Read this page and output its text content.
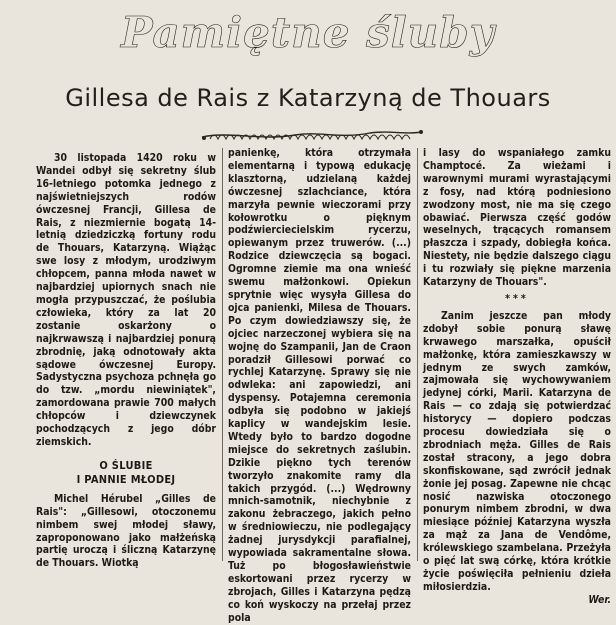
Pamiętne śluby
Gillesa de Rais z Katarzyną de Thouars

30 listopada 1420 roku w Wandei odbył się sekretny ślub 16-letniego potomka jednego z najświetniejszych rodów ówczesnej Francji, Gillesa de Rais, z niezmiernie bogatą 14-letnią dziedziczką fortuny rodu de Thouars, Katarzyną. Wiążąc swe losy z młodym, urodziwym chłopcem, panna młoda nawet w najbardziej upiornych snach nie mogła przypuszczać, że poślubia człowieka, który za lat 20 zostanie oskarżony o najkrwawszą i najbardziej ponurą zbrodnię, jaką odnotowały akta sądowe ówczesnej Europy. Sadystyczna psychoza pchnęła go do tzw. „mordu niewiniątek", zamordowana prawie 700 małych chłopców i dziewczynek pochodzących z jego dóbr ziemskich.

O ŚLUBIE
I PANNIE MŁODEJ

Michel Hérubel „Gilles de Rais": „Gillesowi, otoczonemu nimbem swej młodej sławy, zaproponowano jako małżeńską partię uroczą i śliczną Katarzynę de Thouars. Wiotką

panienkę, która otrzymała elementarną i typową edukację klasztorną, udzielaną każdej ówczesnej szlachciance, która marzyła pewnie wieczorami przy kołowrotku o pięknym podźwierciecielskim rycerzu, opiewanym przez truwerów. (...) Rodzice dziewczęcia są bogaci. Ogromne ziemie ma ona wnieść swemu małżonkowi. Opiekun sprytnie więc wysyła Gillesa do ojca panienki, Milesa de Thouars. Po czym dowiedziawszy się, że ojciec narzeczonej wybiera się na wojnę do Szampanii, Jan de Craon poradził Gillesowi porwać co rychlej Katarzynę. Sprawy się nie odwleka: ani zapowiedzi, ani dyspensy. Potajemna ceremonia odbyła się podobno w jakiejś kaplicy w wandejskim lesie. Wtedy było to bardzo dogodne miejsce do sekretnych zaślubin. Dzikie piękno tych terenów tworzyło znakomite ramy dla takich przygód. (...) Wędrowny mnich-samotnik, niechybnie z zakonu żebraczego, jakich pełno w średniowieczu, nie podlegający żadnej jurysdykcji parafialnej, wypowiada sakramentalne słowa. Tuż po błogosławieństwie eskortowani przez rycerzy w zbrojach, Gilles i Katarzyna pędzą co koń wyskoczy na przełaj przez pola

i lasy do wspaniałego zamku Champtocé. Za wieżami i warownymi murami wyrastającymi z fosy, nad którą podniesiono zwodzony most, nie ma się czego obawiać. Pierwsza część godów weselnych, trącących romansem płaszcza i szpady, dobiegła końca. Niestety, nie będzie dalszego ciągu i tu rozwiały się piękne marzenia Katarzyny de Thouars".

***

Zanim jeszcze pan młody zdobył sobie ponurą sławę krwawego marszałka, opuścił małżonkę, która zamieszkawszy w jednym ze swych zamków, zajmowała się wychowywaniem jedynej córki, Marii. Katarzyna de Rais — co zdają się potwierdzać historycy — dopiero podczas procesu dowiedziała się o zbrodniach męża. Gilles de Rais został stracony, a jego dobra skonfiskowane, sąd zwrócił jednak żonie jej posag. Zapewne nie chcąc nosić nazwiska otoczonego ponurym nimbem zbrodni, w dwa miesiące później Katarzyna wyszła za mąż za Jana de Vendôme, królewskiego szambelana. Przeżyła o pięć lat swą córkę, która krótkie życie poświęciła pełnieniu dzieła miłosierdzia.

Wer.
